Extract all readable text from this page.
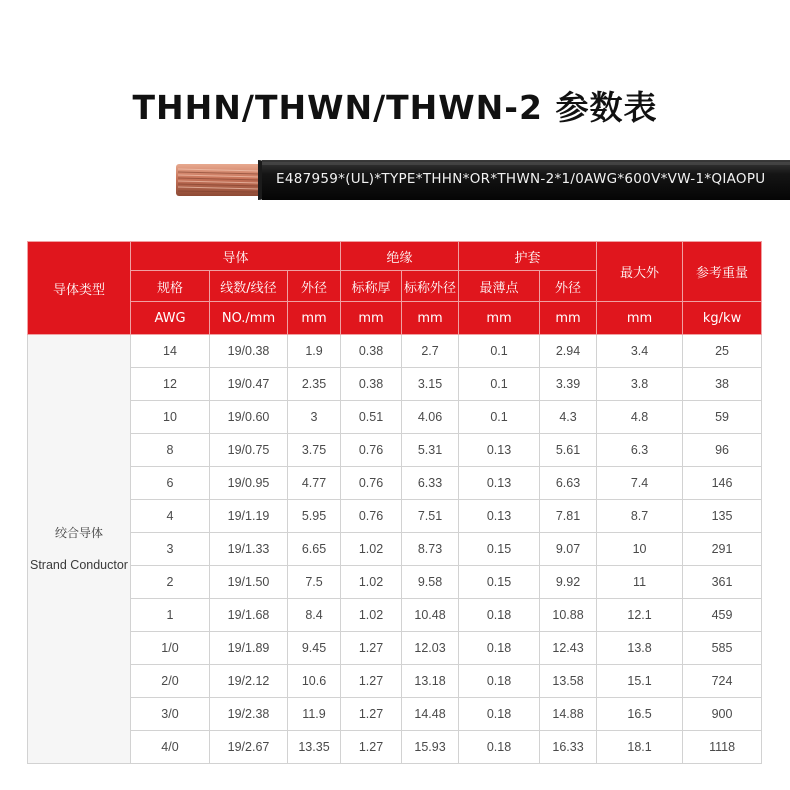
THHN/THWN/THWN-2 参数表
E487959*(UL)*TYPE*THHN*OR*THWN-2*1/0AWG*600V*VW-1*QIAOPU
导体类型	导体			绝缘		护套		最大外	参考重量
	规格	线数/线径	外径	标称厚	标称外径	最薄点	外径		
	AWG	NO./mm	mm	mm	mm	mm	mm	mm	kg/kw

绞合导体
Strand Conductor	14	19/0.38	1.9	0.38	2.7	0.1	2.94	3.4	25
	12	19/0.47	2.35	0.38	3.15	0.1	3.39	3.8	38
	10	19/0.60	3	0.51	4.06	0.1	4.3	4.8	59
	8	19/0.75	3.75	0.76	5.31	0.13	5.61	6.3	96
	6	19/0.95	4.77	0.76	6.33	0.13	6.63	7.4	146
	4	19/1.19	5.95	0.76	7.51	0.13	7.81	8.7	135
	3	19/1.33	6.65	1.02	8.73	0.15	9.07	10	291
	2	19/1.50	7.5	1.02	9.58	0.15	9.92	11	361
	1	19/1.68	8.4	1.02	10.48	0.18	10.88	12.1	459
	1/0	19/1.89	9.45	1.27	12.03	0.18	12.43	13.8	585
	2/0	19/2.12	10.6	1.27	13.18	0.18	13.58	15.1	724
	3/0	19/2.38	11.9	1.27	14.48	0.18	14.88	16.5	900
	4/0	19/2.67	13.35	1.27	15.93	0.18	16.33	18.1	1118
